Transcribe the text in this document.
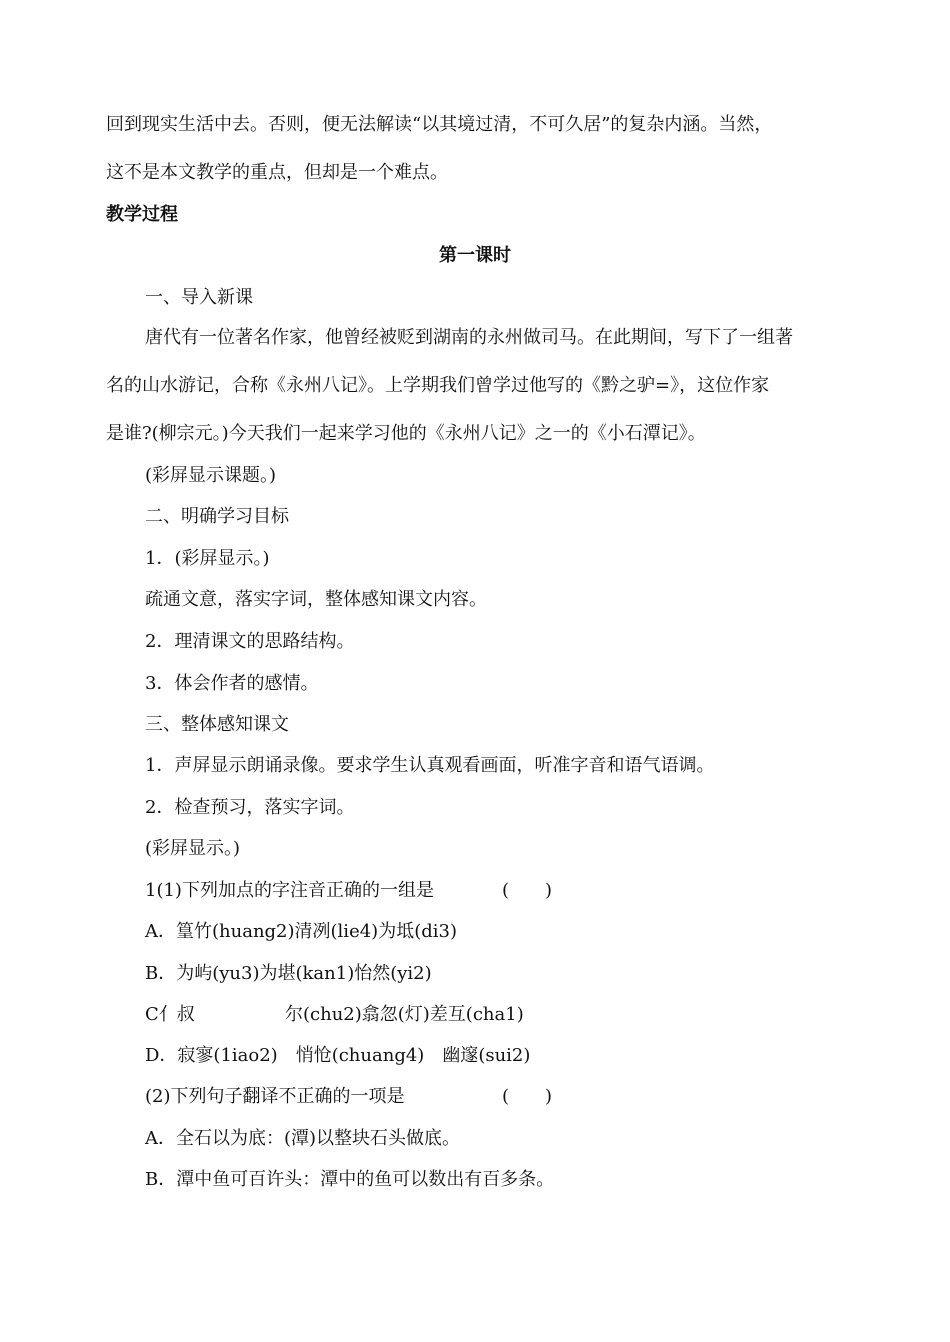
回到现实生活中去。否则，便无法解读“以其境过清，不可久居”的复杂内涵。当然，
这不是本文教学的重点，但却是一个难点。
教学过程
第一课时
一、导入新课
唐代有一位著名作家，他曾经被贬到湖南的永州做司马。在此期间，写下了一组著
名的山水游记，合称《永州八记》。上学期我们曾学过他写的《黔之驴=》，这位作家
是谁?(柳宗元。)今天我们一起来学习他的《永州八记》之一的《小石潭记》。
(彩屏显示课题。)
二、明确学习目标
1．(彩屏显示。)
疏通文意，落实字词，整体感知课文内容。
2．理清课文的思路结构。
3．体会作者的感情。
三、整体感知课文
1．声屏显示朗诵录像。要求学生认真观看画面，听准字音和语气语调。
2．检查预习，落实字词。
(彩屏显示。)
1(1)下列加点的字注音正确的一组是	(　　)
A．篁竹(huang2)清冽(lie4)为坻(di3)
B．为屿(yu3)为堪(kan1)怡然(yi2)
C亻叔	尔(chu2)翕忽(灯)差互(cha1)
D．寂寥(1iao2)　悄怆(chuang4)　幽邃(sui2)
(2)下列句子翻译不正确的一项是	(　　)
A．全石以为底：(潭)以整块石头做底。
B．潭中鱼可百许头：潭中的鱼可以数出有百多条。
